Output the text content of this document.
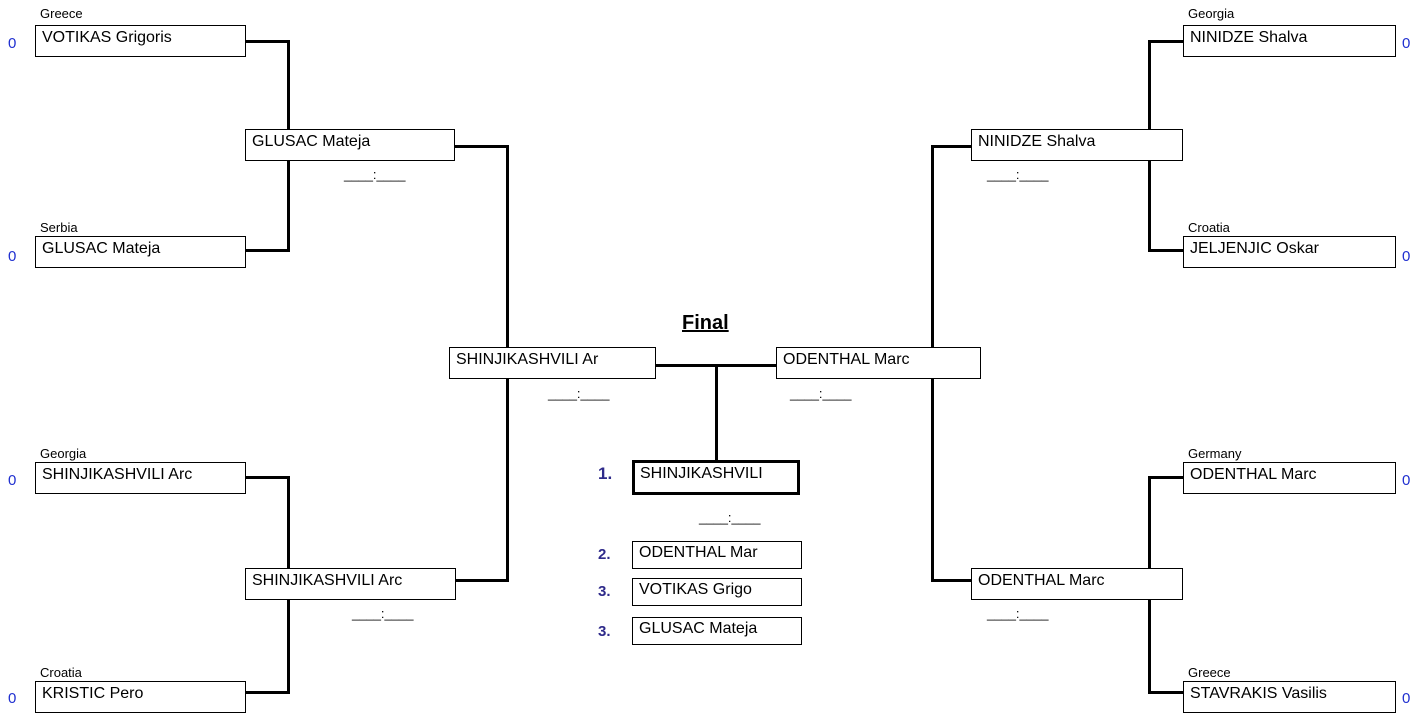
Final
Greece
0	VOTIKAS Grigoris
Serbia
0	GLUSAC Mateja
Georgia
0	SHINJIKASHVILI Arc
Croatia
0	KRISTIC Pero
GLUSAC Mateja
____:____
SHINJIKASHVILI Arc
____:____
SHINJIKASHVILI Ar
____:____
ODENTHAL Marc
____:____
NINIDZE Shalva
____:____
ODENTHAL Marc
____:____
Georgia
NINIDZE Shalva	0
Croatia
JELJENJIC Oskar	0
Germany
ODENTHAL Marc	0
Greece
STAVRAKIS Vasilis	0
1.	SHINJIKASHVILI
____:____
2.	ODENTHAL Mar
3.	VOTIKAS Grigo
3.	GLUSAC Mateja
